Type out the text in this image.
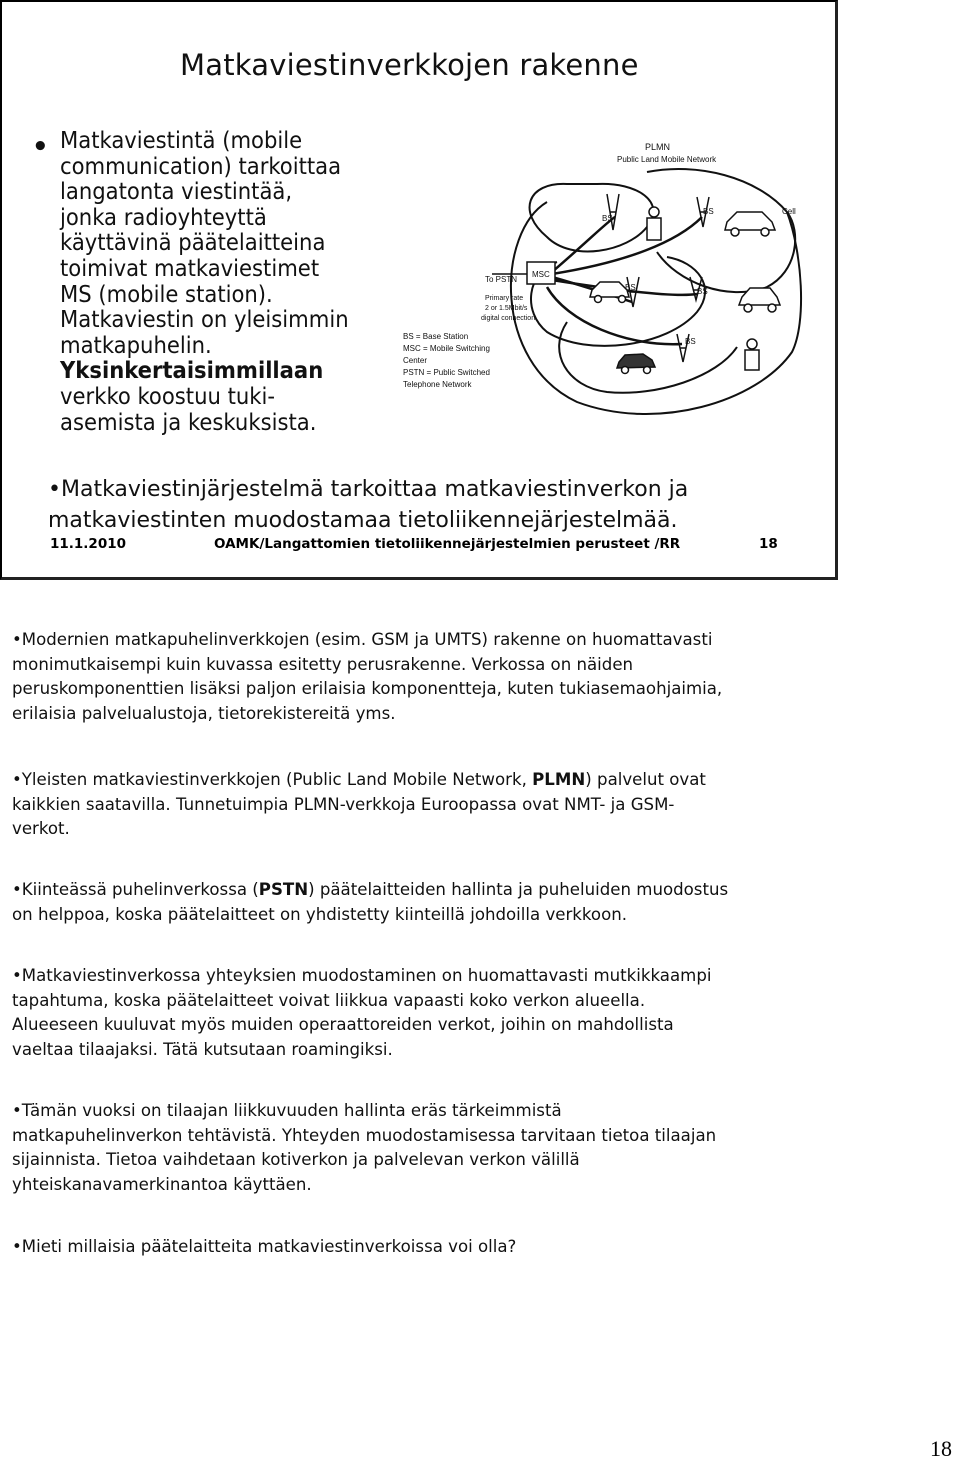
Matkaviestinverkkojen rakenne
• Matkaviestintä (mobile
communication) tarkoittaa
langatonta viestintää,
jonka radioyhteyttä
käyttävinä päätelaitteina
toimivat matkaviestimet
MS (mobile station).
Matkaviestin on yleisimmin
matkapuhelin.
Yksinkertaisimmillaan
verkko koostuu tuki-
asemista ja keskuksista.
MSC
To PSTN
Primary rate
2 or 1.5Mbit/s
digital connection
PLMN
Public Land Mobile Network
Cell
BS
BS
BS	BS
BS
BS = Base Station
MSC = Mobile Switching
Center
PSTN = Public Switched
Telephone Network
•Matkaviestinjärjestelmä tarkoittaa matkaviestinverkon ja
matkaviestinten muodostamaa tietoliikennejärjestelmää.
11.1.2010	OAMK/Langattomien tietoliikennejärjestelmien perusteet /RR	18
•Modernien matkapuhelinverkkojen (esim. GSM ja UMTS) rakenne on huomattavasti
monimutkaisempi kuin kuvassa esitetty perusrakenne. Verkossa on näiden
peruskomponenttien lisäksi paljon erilaisia komponentteja, kuten tukiasemaohjaimia,
erilaisia palvelualustoja, tietorekistereitä yms.
•Yleisten matkaviestinverkkojen (Public Land Mobile Network, PLMN) palvelut ovat
kaikkien saatavilla. Tunnetuimpia PLMN-verkkoja Euroopassa ovat NMT- ja GSM-
verkot.
•Kiinteässä puhelinverkossa (PSTN) päätelaitteiden hallinta ja puheluiden muodostus
on helppoa, koska päätelaitteet on yhdistetty kiinteillä johdoilla verkkoon.
•Matkaviestinverkossa yhteyksien muodostaminen on huomattavasti mutkikkaampi
tapahtuma, koska päätelaitteet voivat liikkua vapaasti koko verkon alueella.
Alueeseen kuuluvat myös muiden operaattoreiden verkot, joihin on mahdollista
vaeltaa tilaajaksi. Tätä kutsutaan roamingiksi.
•Tämän vuoksi on tilaajan liikkuvuuden hallinta eräs tärkeimmistä
matkapuhelinverkon tehtävistä. Yhteyden muodostamisessa tarvitaan tietoa tilaajan
sijainnista. Tietoa vaihdetaan kotiverkon ja palvelevan verkon välillä
yhteiskanavamerkinantoa käyttäen.
•Mieti millaisia päätelaitteita matkaviestinverkoissa voi olla?
18
